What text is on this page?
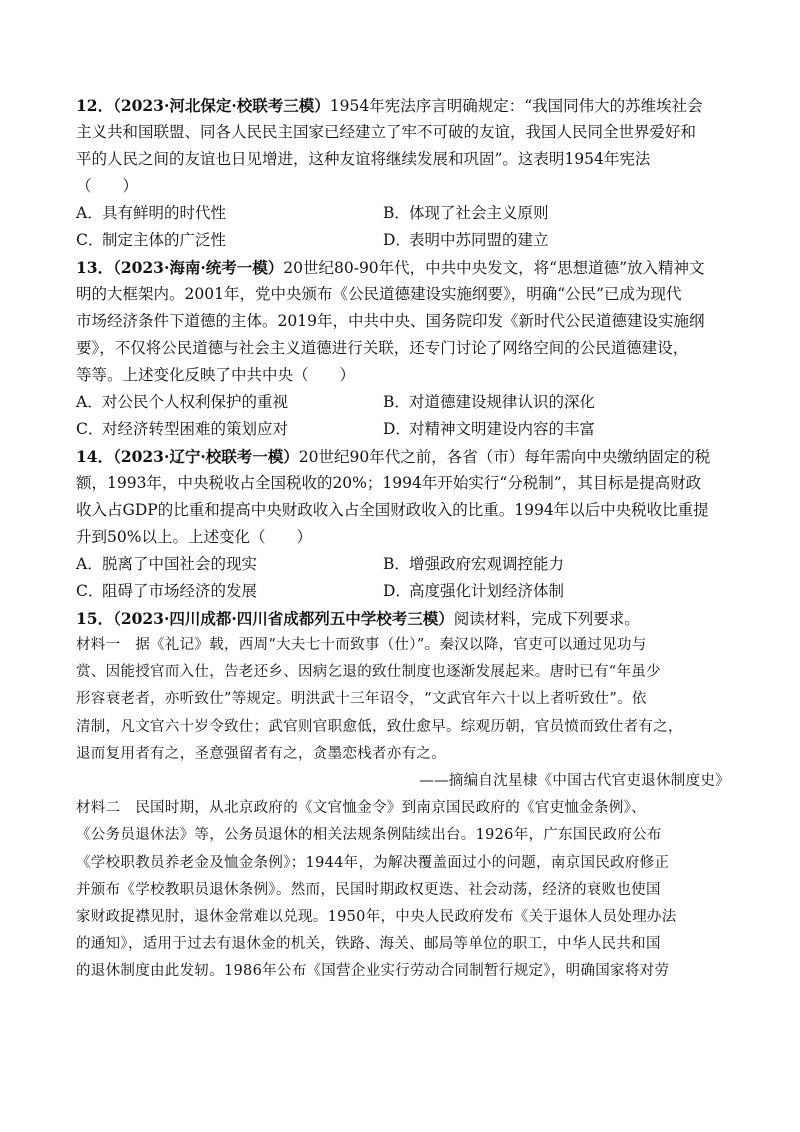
12．（2023·河北保定·校联考三模）1954年宪法序言明确规定：“我国同伟大的苏维埃社会
主义共和国联盟、同各人民民主国家已经建立了牢不可破的友谊，我国人民同全世界爱好和
平的人民之间的友谊也日见增进，这种友谊将继续发展和巩固”。这表明1954年宪法
（　　）
A．具有鲜明的时代性	B．体现了社会主义原则
C．制定主体的广泛性	D．表明中苏同盟的建立
13．（2023·海南·统考一模）20世纪80-90年代，中共中央发文，将“思想道德”放入精神文
明的大框架内。2001年，党中央颁布《公民道德建设实施纲要》，明确“公民”已成为现代
市场经济条件下道德的主体。2019年，中共中央、国务院印发《新时代公民道德建设实施纲
要》，不仅将公民道德与社会主义道德进行关联，还专门讨论了网络空间的公民道德建设，
等等。上述变化反映了中共中央（　　）
A．对公民个人权利保护的重视	B．对道德建设规律认识的深化
C．对经济转型困难的策划应对	D．对精神文明建设内容的丰富
14．（2023·辽宁·校联考一模）20世纪90年代之前，各省（市）每年需向中央缴纳固定的税
额，1993年，中央税收占全国税收的20%；1994年开始实行“分税制”，其目标是提高财政
收入占GDP的比重和提高中央财政收入占全国财政收入的比重。1994年以后中央税收比重提
升到50%以上。上述变化（　　）
A．脱离了中国社会的现实	B．增强政府宏观调控能力
C．阻碍了市场经济的发展	D．高度强化计划经济体制
15．（2023·四川成都·四川省成都列五中学校考三模）阅读材料，完成下列要求。
材料一　据《礼记》载，西周“大夫七十而致事（仕）”。秦汉以降，官吏可以通过见功与
赏、因能授官而入仕，告老还乡、因病乞退的致仕制度也逐渐发展起来。唐时已有“年虽少
形容衰老者，亦听致仕”等规定。明洪武十三年诏令，“文武官年六十以上者听致仕”。依
清制，凡文官六十岁令致仕；武官则官职愈低，致仕愈早。综观历朝，官员愤而致仕者有之，
退而复用者有之，圣意强留者有之，贪墨恋栈者亦有之。
——摘编自沈星棣《中国古代官吏退休制度史》
材料二　民国时期，从北京政府的《文官恤金令》到南京国民政府的《官吏恤金条例》、
《公务员退休法》等，公务员退休的相关法规条例陆续出台。1926年，广东国民政府公布
《学校职教员养老金及恤金条例》；1944年，为解决覆盖面过小的问题，南京国民政府修正
并颁布《学校教职员退休条例》。然而，民国时期政权更迭、社会动荡，经济的衰败也使国
家财政捉襟见肘，退休金常难以兑现。1950年，中央人民政府发布《关于退休人员处理办法
的通知》，适用于过去有退休金的机关，铁路、海关、邮局等单位的职工，中华人民共和国
的退休制度由此发轫。1986年公布《国营企业实行劳动合同制暂行规定》，明确国家将对劳
